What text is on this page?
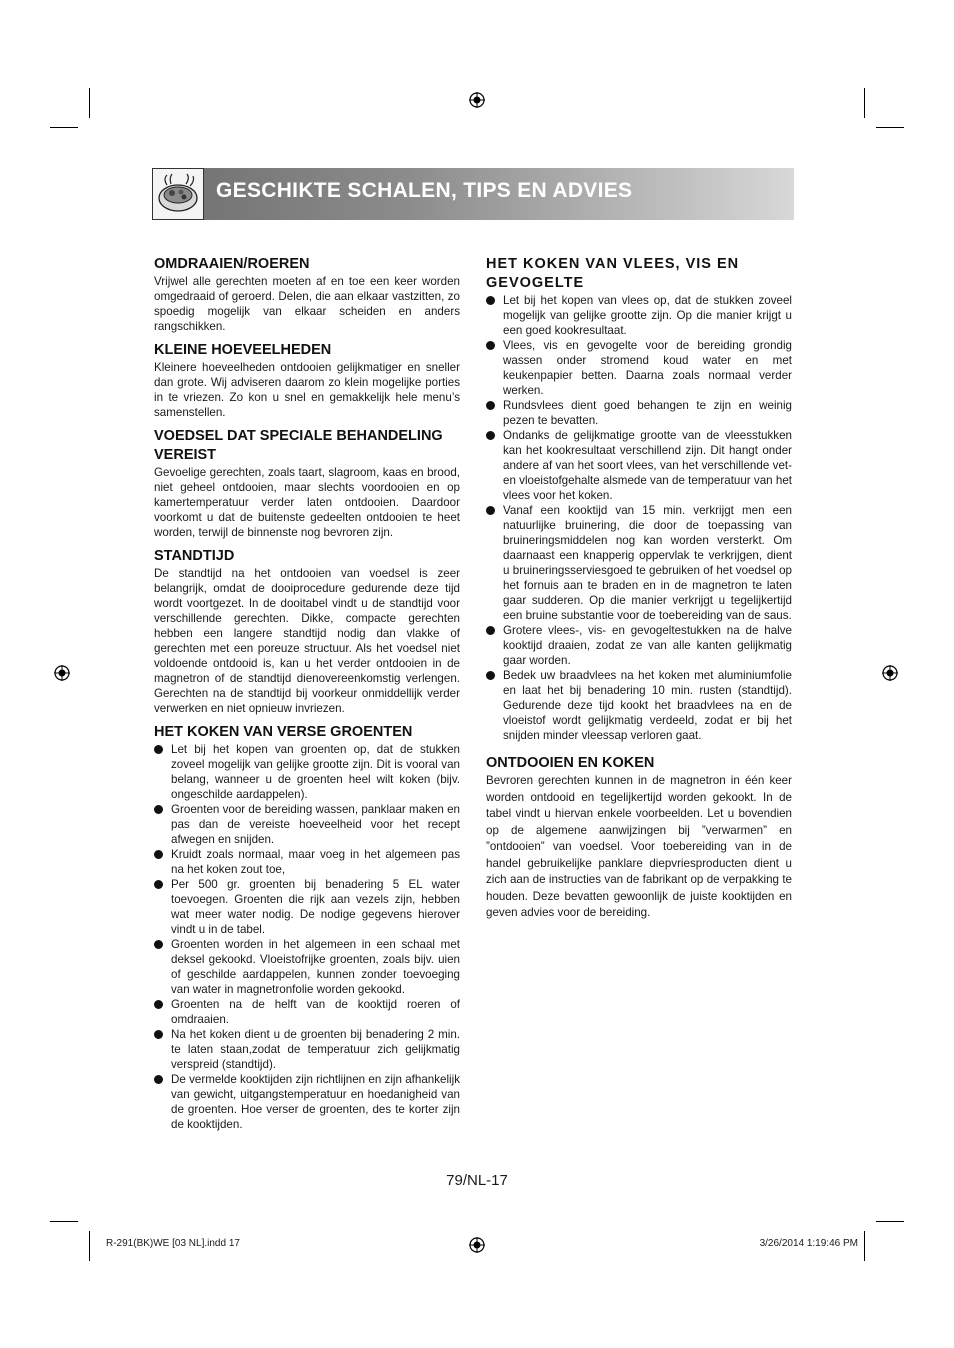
GESCHIKTE SCHALEN, TIPS EN ADVIES
OMDRAAIEN/ROEREN

Vrijwel alle gerechten moeten af en toe een keer worden omgedraaid of geroerd. Delen, die aan elkaar vastzitten, zo spoedig mogelijk van elkaar scheiden en anders rangschikken.

KLEINE HOEVEELHEDEN

Kleinere hoeveelheden ontdooien gelijkmatiger en sneller dan grote. Wij adviseren daarom zo klein mogelijke porties in te vriezen. Zo kon u snel en gemakkelijk hele menu’s samenstellen.

VOEDSEL DAT SPECIALE BEHANDELING VEREIST

Gevoelige gerechten, zoals taart, slagroom, kaas en brood, niet geheel ontdooien, maar slechts voordooien en op kamertemperatuur verder laten ontdooien. Daardoor voorkomt u dat de buitenste gedeelten ontdooien te heet worden, terwijl de binnenste nog bevroren zijn.

STANDTIJD

De standtijd na het ontdooien van voedsel is zeer belangrijk, omdat de dooiprocedure gedurende deze tijd wordt voortgezet. In de dooitabel vindt u de standtijd voor verschillende gerechten. Dikke, compacte gerechten hebben een langere standtijd nodig dan vlakke of gerechten met een poreuze structuur. Als het voedsel niet voldoende ontdooid is, kan u het verder ontdooien in de magnetron of de standtijd dienovereenkomstig verlengen. Gerechten na de standtijd bij voorkeur onmiddellijk verder verwerken en niet opnieuw invriezen.

HET KOKEN VAN VERSE GROENTEN
Let bij het kopen van groenten op, dat de stukken zoveel mogelijk van gelijke grootte zijn. Dit is vooral van belang, wanneer u de groenten heel wilt koken (bijv. ongeschilde aardappelen).
Groenten voor de bereiding wassen, panklaar maken en pas dan de vereiste hoeveelheid voor het recept afwegen en snijden.
Kruidt zoals normaal, maar voeg in het algemeen pas na het koken zout toe,
Per 500 gr. groenten bij benadering 5 EL water toevoegen. Groenten die rijk aan vezels zijn, hebben wat meer water nodig. De nodige gegevens hierover vindt u in de tabel.
Groenten worden in het algemeen in een schaal met deksel gekookd. Vloeistofrijke groenten, zoals bijv. uien of geschilde aardappelen, kunnen zonder toevoeging van water in magnetronfolie worden gekookd.
Groenten na de helft van de kooktijd roeren of omdraaien.
Na het koken dient u de groenten bij benadering 2 min. te laten staan,zodat de temperatuur zich gelijkmatig verspreid (standtijd).
De vermelde kooktijden zijn richtlijnen en zijn afhankelijk van gewicht, uitgangstemperatuur en hoedanigheid van de groenten. Hoe verser de groenten, des te korter zijn de kooktijden.
HET KOKEN VAN VLEES, VIS EN GEVOGELTE
Let bij het kopen van vlees op, dat de stukken zoveel mogelijk van gelijke grootte zijn. Op die manier krijgt u een goed kookresultaat.
Vlees, vis en gevogelte voor de bereiding grondig wassen onder stromend koud water en met keukenpapier betten. Daarna zoals normaal verder werken.
Rundsvlees dient goed behangen te zijn en weinig pezen te bevatten.
Ondanks de gelijkmatige grootte van de vleesstukken kan het kookresultaat verschillend zijn. Dit hangt onder andere af van het soort vlees, van het verschillende vet- en vloeistofgehalte alsmede van de temperatuur van het vlees voor het koken.
Vanaf een kooktijd van 15 min. verkrijgt men een natuurlijke bruinering, die door de toepassing van bruineringsmiddelen nog kan worden versterkt. Om daarnaast een knapperig oppervlak te verkrijgen, dient u bruineringsserviesgoed te gebruiken of het voedsel op het fornuis aan te braden en in de magnetron te laten gaar sudderen. Op die manier verkrijgt u tegelijkertijd een bruine substantie voor de toebereiding van de saus.
Grotere vlees-, vis- en gevogeltestukken na de halve kooktijd draaien, zodat ze van alle kanten gelijkmatig gaar worden.
Bedek uw braadvlees na het koken met aluminiumfolie en laat het bij benadering 10 min. rusten (standtijd). Gedurende deze tijd kookt het braadvlees na en de vloeistof wordt gelijkmatig verdeeld, zodat er bij het snijden minder vleessap verloren gaat.
ONTDOOIEN EN KOKEN

Bevroren gerechten kunnen in de magnetron in één keer worden ontdooid en tegelijkertijd worden gekookt. In de tabel vindt u hiervan enkele voorbeelden. Let u bovendien op de algemene aanwijzingen bij ”verwarmen” en ”ontdooien” van voedsel. Voor toebereiding van in de handel gebruikelijke panklare diepvriesproducten dient u zich aan de instructies van de fabrikant op de verpakking te houden. Deze bevatten gewoonlijk de juiste kooktijden en geven advies voor de bereiding.

79/NL-17
R-291(BK)WE [03 NL].indd 17	3/26/2014 1:19:46 PM
